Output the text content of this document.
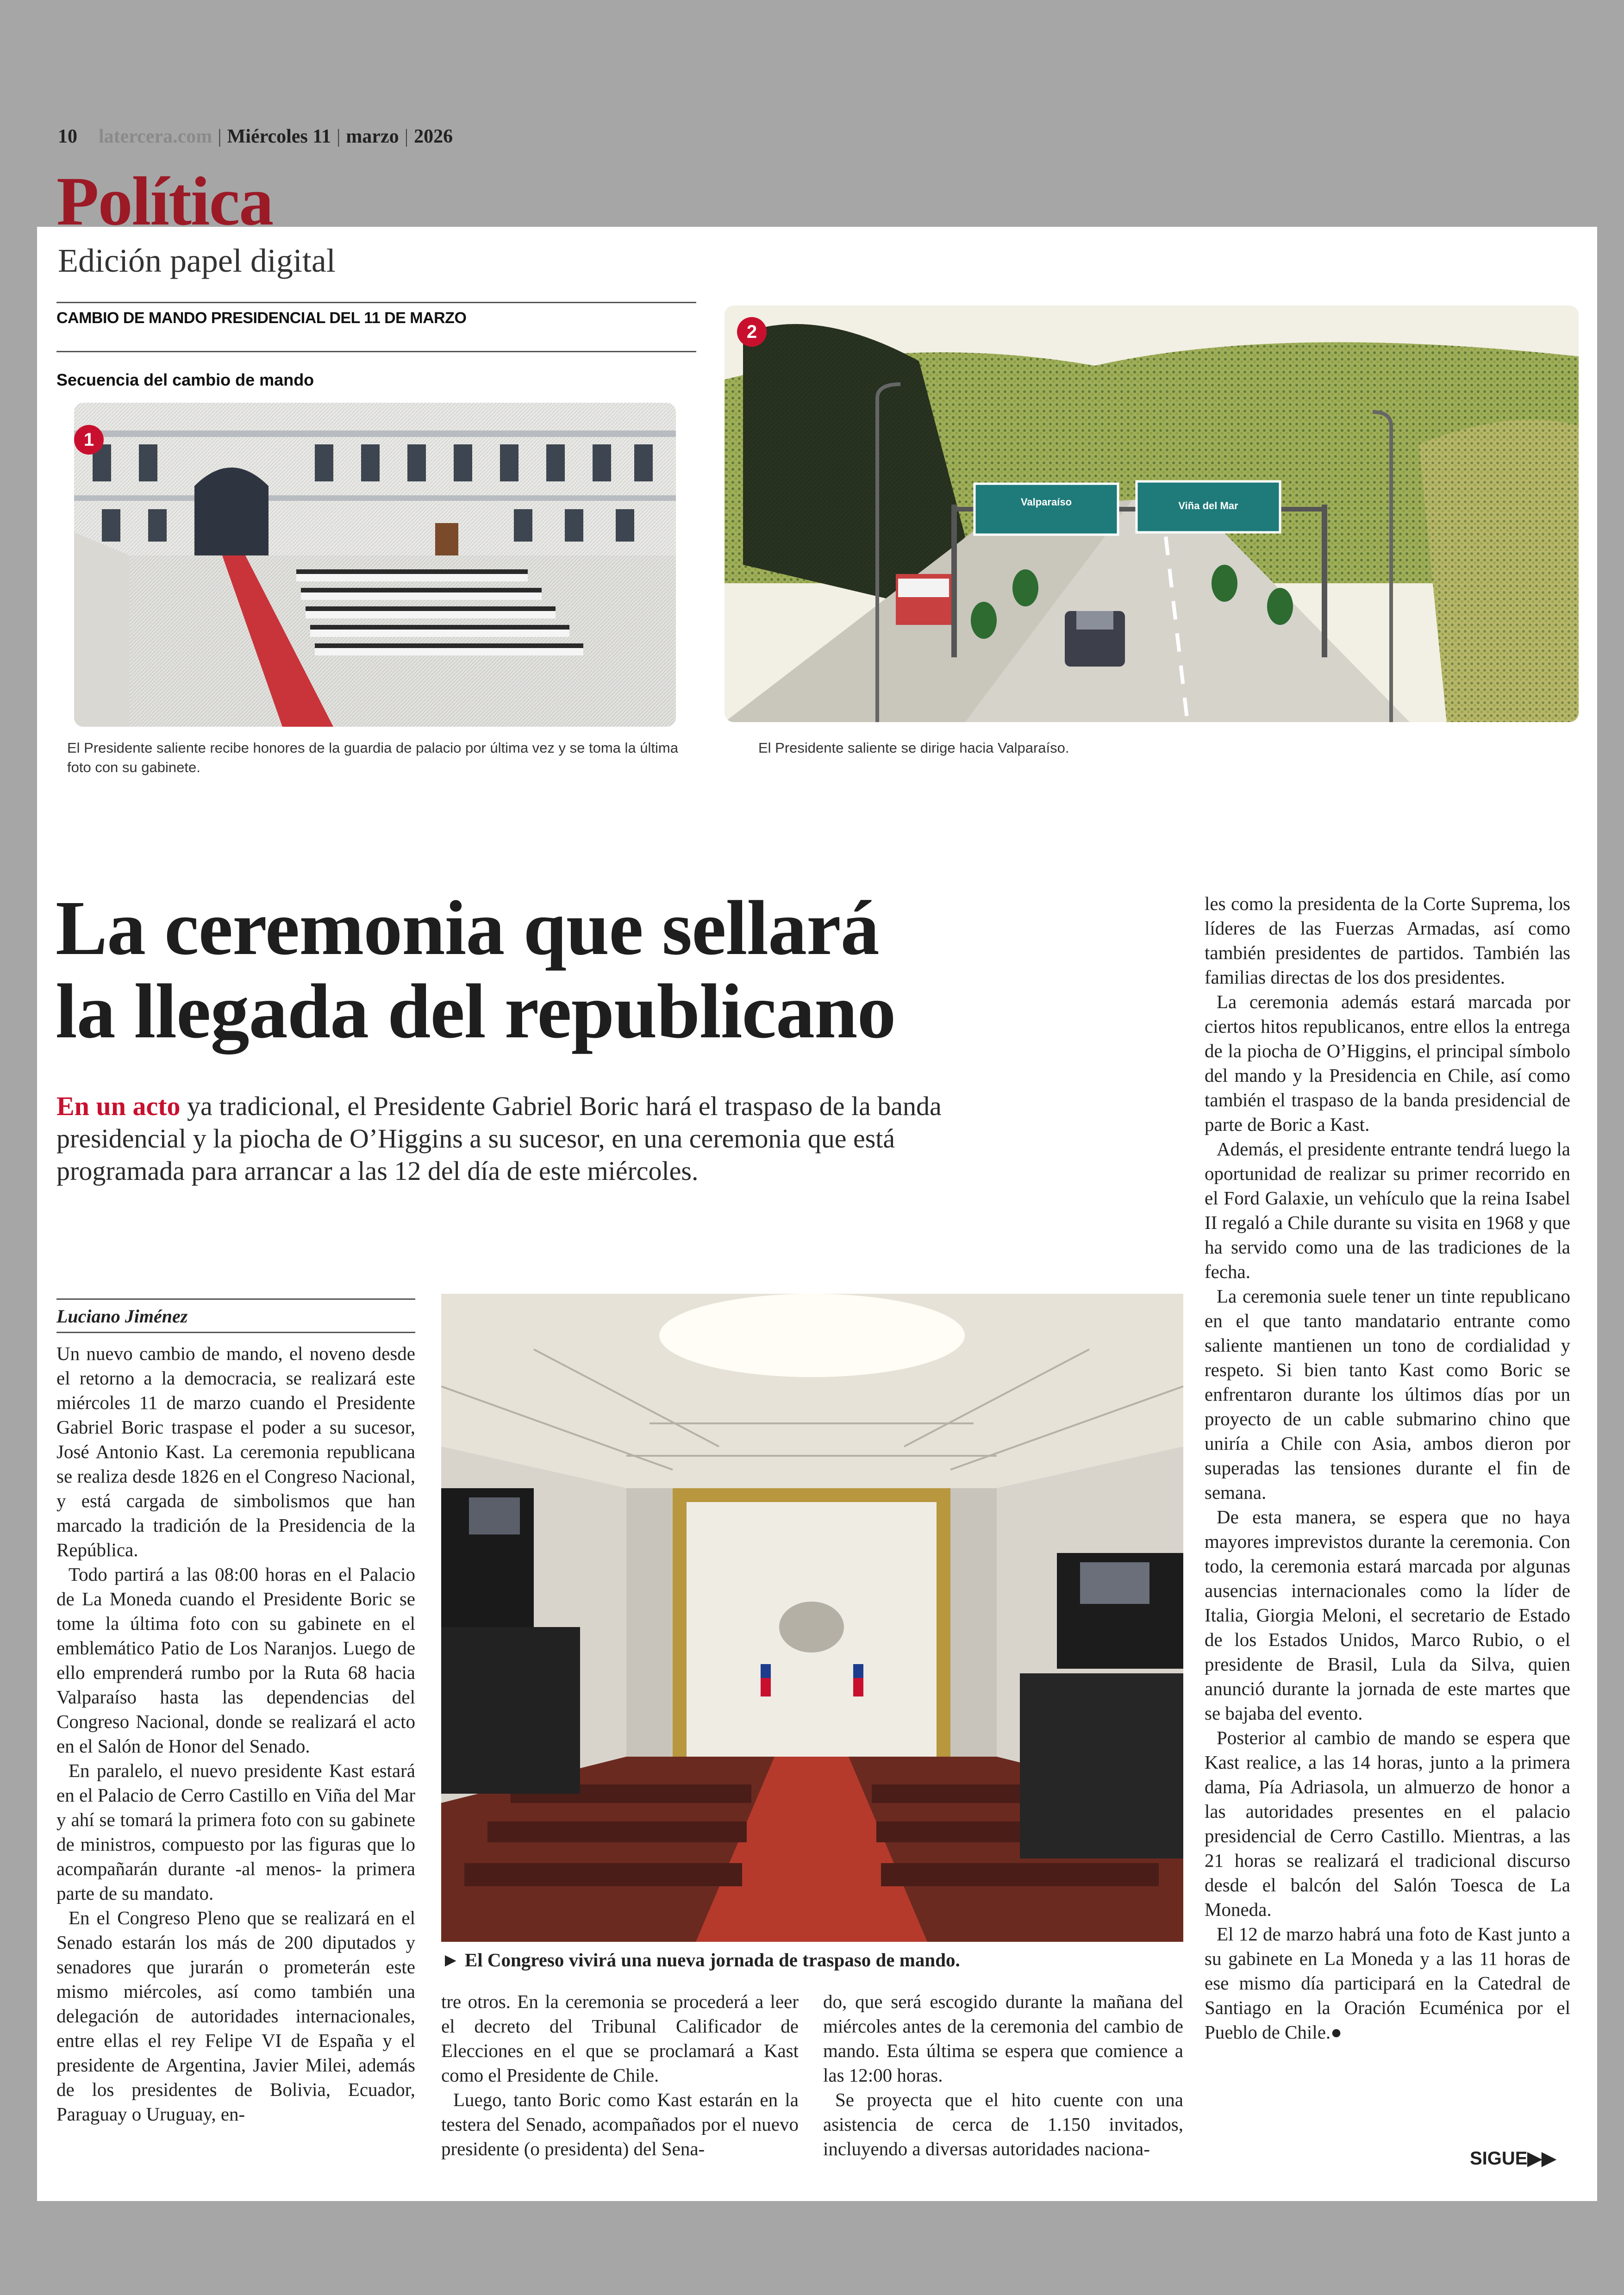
10 latercera.com | Miércoles 11 | marzo | 2026
Política
Edición papel digital
CAMBIO DE MANDO PRESIDENCIAL DEL 11 DE MARZO
Secuencia del cambio de mando
1
El Presidente saliente recibe honores de la guardia de palacio por última vez y se toma la última foto con su gabinete.
Valparaíso	Viña del Mar
2
El Presidente saliente se dirige hacia Valparaíso.
La ceremonia que sellará
la llegada del republicano
En un acto ya tradicional, el Presidente Gabriel Boric hará el traspaso de la banda presidencial y la piocha de O’Higgins a su sucesor, en una ceremonia que está programada para arrancar a las 12 del día de este miércoles.
Luciano Jiménez

Un nuevo cambio de mando, el noveno desde el retorno a la democracia, se realizará este miércoles 11 de marzo cuando el Presidente Gabriel Boric traspase el poder a su sucesor, José Antonio Kast. La ceremonia republicana se realiza desde 1826 en el Congreso Nacional, y está cargada de simbolismos que han marcado la tradición de la Presidencia de la República.

Todo partirá a las 08:00 horas en el Palacio de La Moneda cuando el Presidente Boric se tome la última foto con su gabinete en el emblemático Patio de Los Naranjos. Luego de ello emprenderá rumbo por la Ruta 68 hacia Valparaíso hasta las dependencias del Congreso Nacional, donde se realizará el acto en el Salón de Honor del Senado.

En paralelo, el nuevo presidente Kast estará en el Palacio de Cerro Castillo en Viña del Mar y ahí se tomará la primera foto con su gabinete de ministros, compuesto por las figuras que lo acompañarán durante -al menos- la primera parte de su mandato.

En el Congreso Pleno que se realizará en el Senado estarán los más de 200 diputados y senadores que jurarán o prometerán este mismo miércoles, así como también una delegación de autoridades internacionales, entre ellas el rey Felipe VI de España y el presidente de Argentina, Javier Milei, además de los presidentes de Bolivia, Ecuador, Paraguay o Uruguay, en-

► El Congreso vivirá una nueva jornada de traspaso de mando.

tre otros. En la ceremonia se procederá a leer el decreto del Tribunal Calificador de Elecciones en el que se proclamará a Kast como el Presidente de Chile.

Luego, tanto Boric como Kast estarán en la testera del Senado, acompañados por el nuevo presidente (o presidenta) del Sena-

do, que será escogido durante la mañana del miércoles antes de la ceremonia del cambio de mando. Esta última se espera que comience a las 12:00 horas.

Se proyecta que el hito cuente con una asistencia de cerca de 1.150 invitados, incluyendo a diversas autoridades naciona-

les como la presidenta de la Corte Suprema, los líderes de las Fuerzas Armadas, así como también presidentes de partidos. También las familias directas de los dos presidentes.

La ceremonia además estará marcada por ciertos hitos republicanos, entre ellos la entrega de la piocha de O’Higgins, el principal símbolo del mando y la Presidencia en Chile, así como también el traspaso de la banda presidencial de parte de Boric a Kast.

Además, el presidente entrante tendrá luego la oportunidad de realizar su primer recorrido en el Ford Galaxie, un vehículo que la reina Isabel II regaló a Chile durante su visita en 1968 y que ha servido como una de las tradiciones de la fecha.

La ceremonia suele tener un tinte republicano en el que tanto mandatario entrante como saliente mantienen un tono de cordialidad y respeto. Si bien tanto Kast como Boric se enfrentaron durante los últimos días por un proyecto de un cable submarino chino que uniría a Chile con Asia, ambos dieron por superadas las tensiones durante el fin de semana.

De esta manera, se espera que no haya mayores imprevistos durante la ceremonia. Con todo, la ceremonia estará marcada por algunas ausencias internacionales como la líder de Italia, Giorgia Meloni, el secretario de Estado de los Estados Unidos, Marco Rubio, o el presidente de Brasil, Lula da Silva, quien anunció durante la jornada de este martes que se bajaba del evento.

Posterior al cambio de mando se espera que Kast realice, a las 14 horas, junto a la primera dama, Pía Adriasola, un almuerzo de honor a las autoridades presentes en el palacio presidencial de Cerro Castillo. Mientras, a las 21 horas se realizará el tradicional discurso desde el balcón del Salón Toesca de La Moneda.

El 12 de marzo habrá una foto de Kast junto a su gabinete en La Moneda y a las 11 horas de ese mismo día participará en la Catedral de Santiago en la Oración Ecuménica por el Pueblo de Chile.●

SIGUE▶▶
